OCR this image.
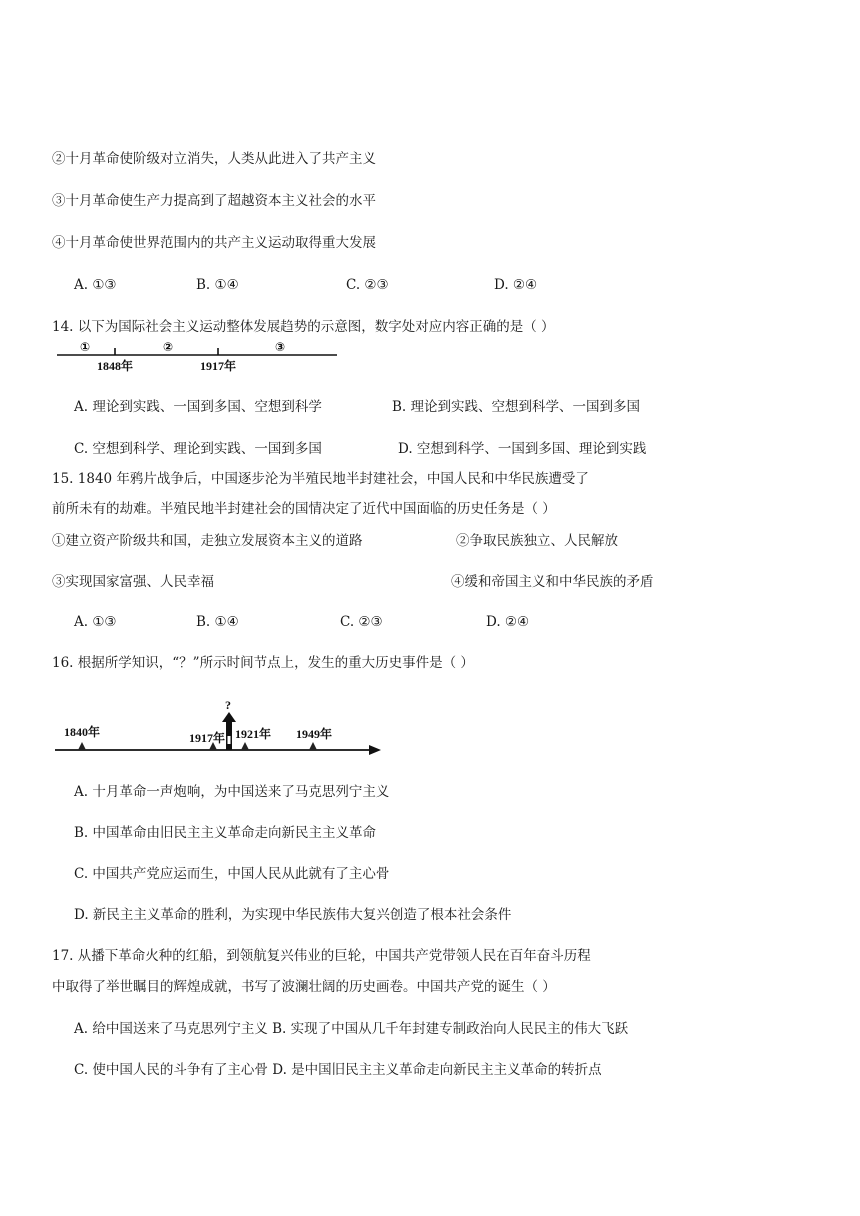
②十月革命使阶级对立消失，人类从此进入了共产主义
③十月革命使生产力提高到了超越资本主义社会的水平
④十月革命使世界范围内的共产主义运动取得重大发展
A. ①③	B. ①④	C. ②③	D. ②④
14. 以下为国际社会主义运动整体发展趋势的示意图，数字处对应内容正确的是（ ）
①	②	③
1848年	1917年
A. 理论到实践、一国到多国、空想到科学	B. 理论到实践、空想到科学、一国到多国
C. 空想到科学、理论到实践、一国到多国	D. 空想到科学、一国到多国、理论到实践
15. 1840 年鸦片战争后，中国逐步沦为半殖民地半封建社会，中国人民和中华民族遭受了
前所未有的劫难。半殖民地半封建社会的国情决定了近代中国面临的历史任务是（ ）
①建立资产阶级共和国，走独立发展资本主义的道路	②争取民族独立、人民解放
③实现国家富强、人民幸福	④缓和帝国主义和中华民族的矛盾
A. ①③	B. ①④	C. ②③	D. ②④
16. 根据所学知识，“？”所示时间节点上，发生的重大历史事件是（ ）
?
1840年	1917年 1921年 1949年
A. 十月革命一声炮响，为中国送来了马克思列宁主义
B. 中国革命由旧民主主义革命走向新民主主义革命
C. 中国共产党应运而生，中国人民从此就有了主心骨
D. 新民主主义革命的胜利，为实现中华民族伟大复兴创造了根本社会条件
17. 从播下革命火种的红船，到领航复兴伟业的巨轮，中国共产党带领人民在百年奋斗历程
中取得了举世瞩目的辉煌成就，书写了波澜壮阔的历史画卷。中国共产党的诞生（ ）
A. 给中国送来了马克思列宁主义 B. 实现了中国从几千年封建专制政治向人民民主的伟大飞跃
C. 使中国人民的斗争有了主心骨 D. 是中国旧民主主义革命走向新民主主义革命的转折点
